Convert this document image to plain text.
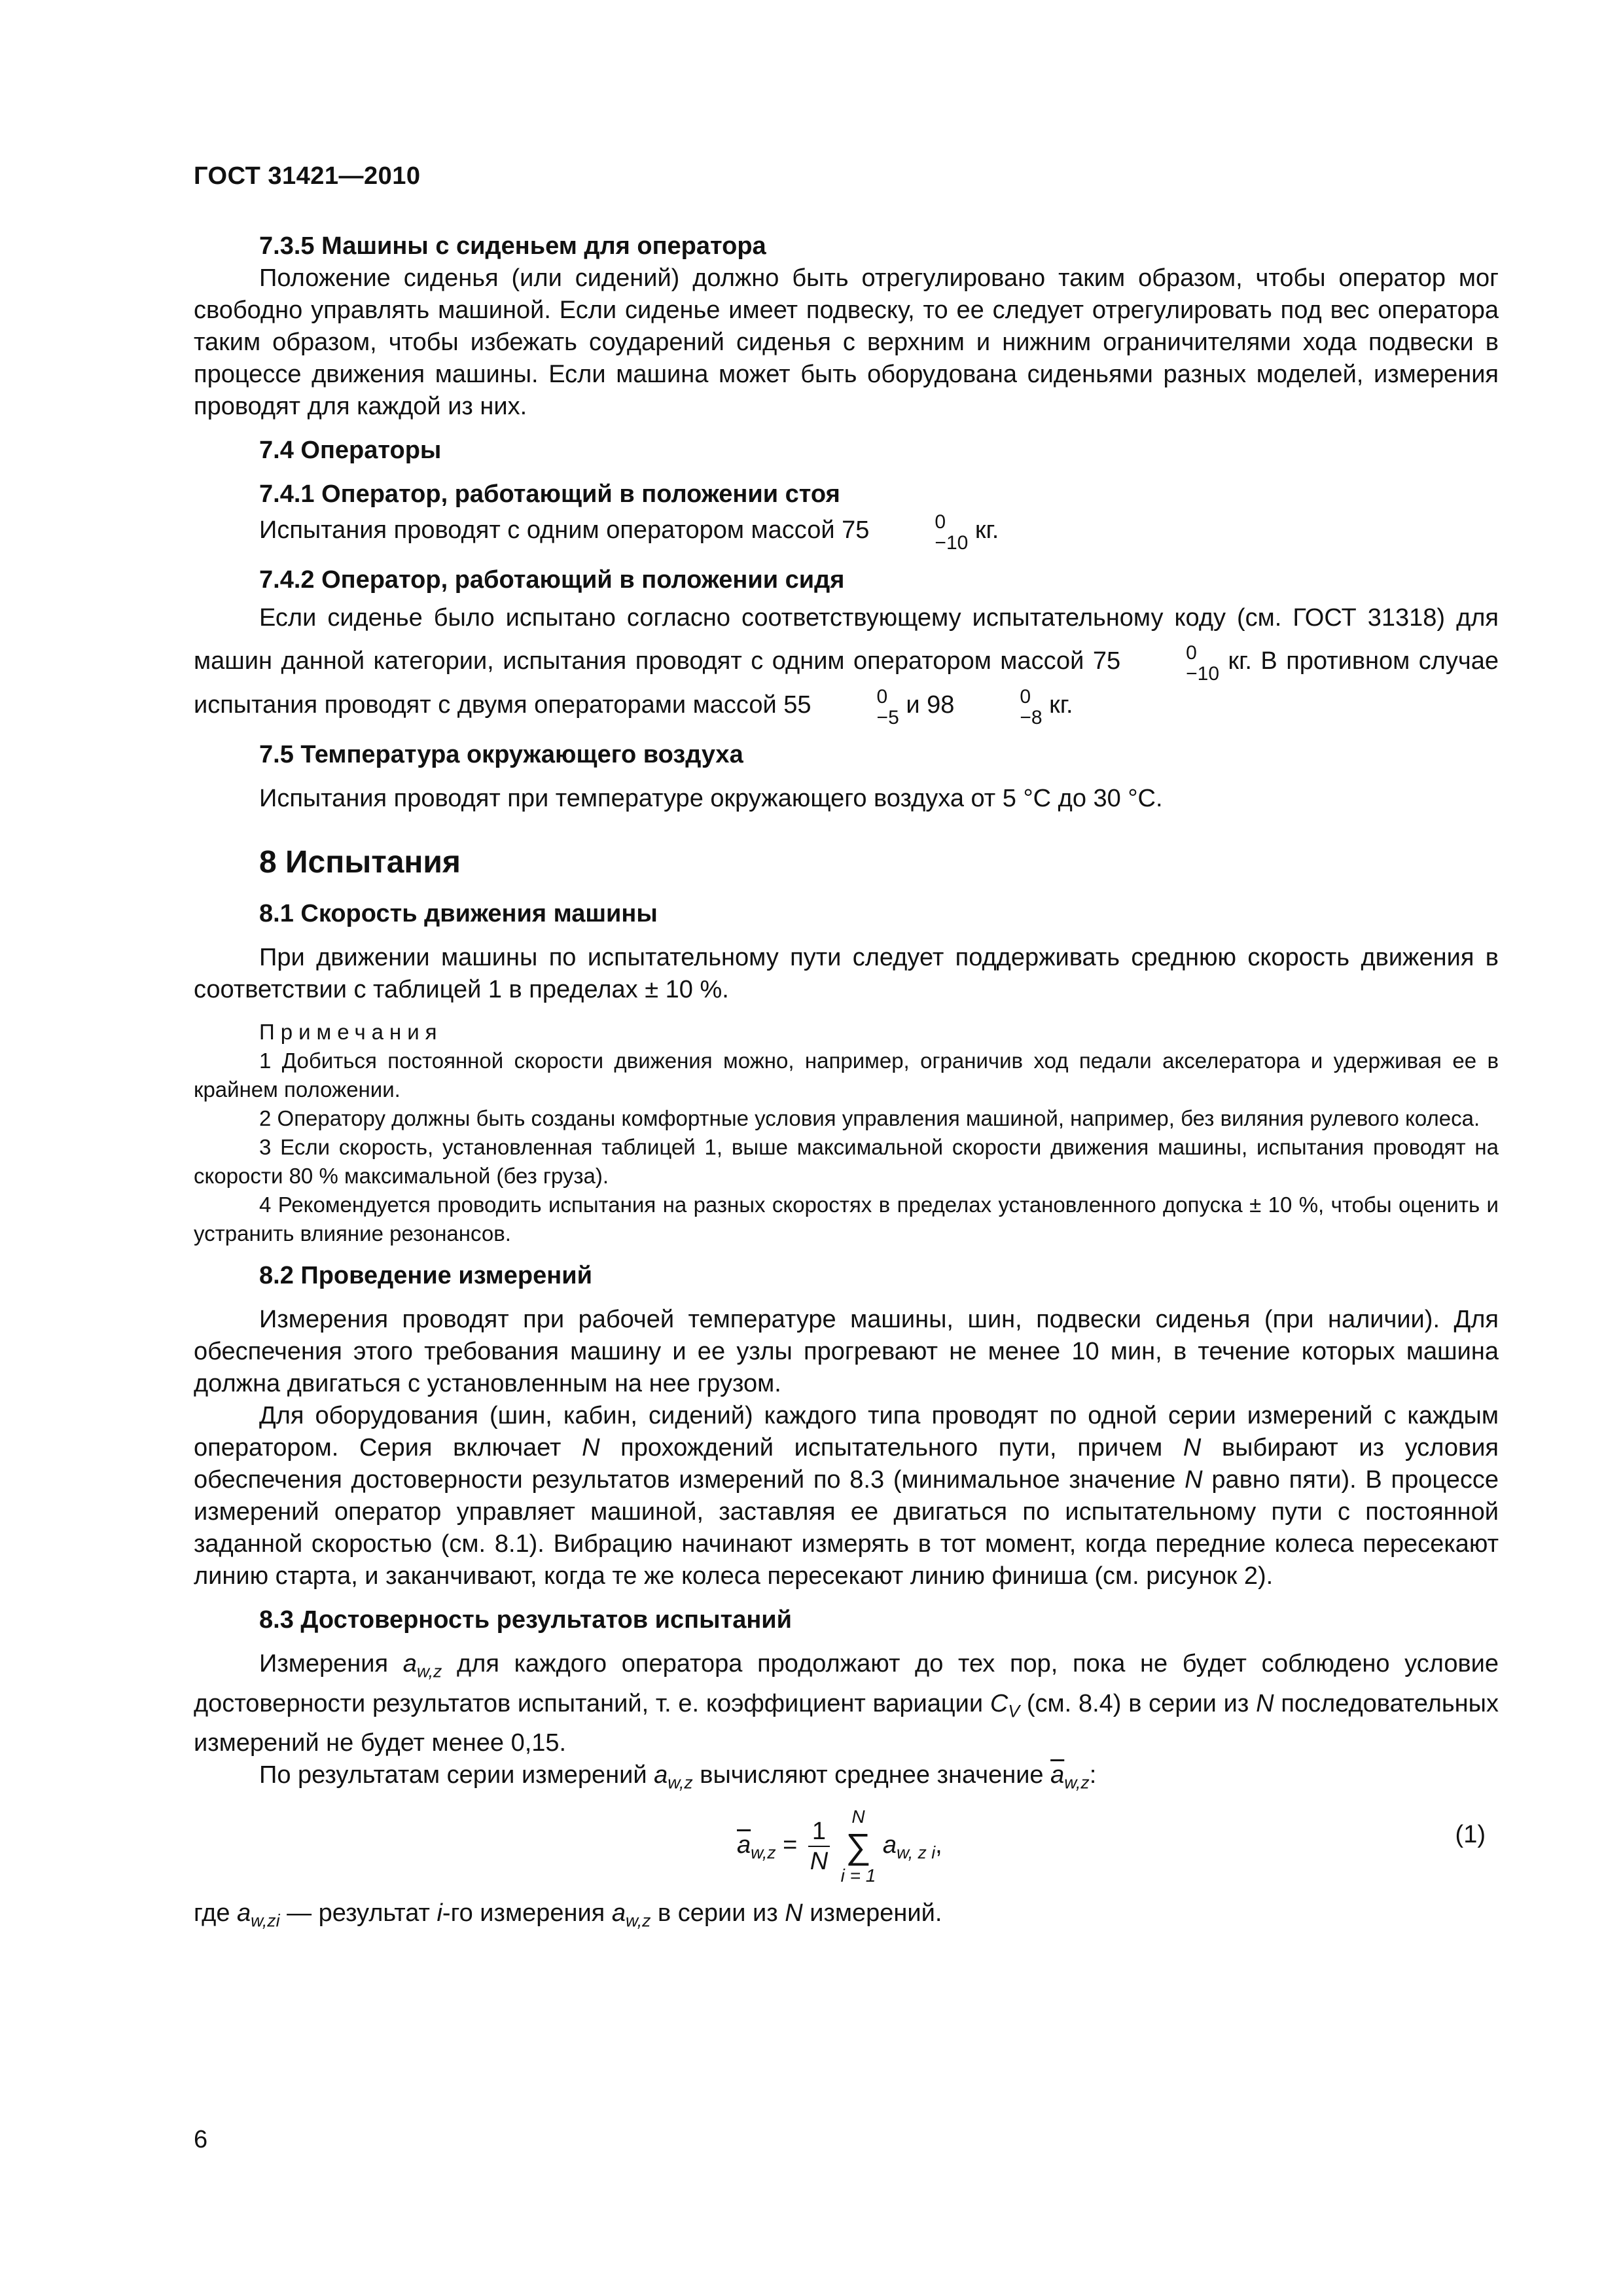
ГОСТ 31421—2010

7.3.5 Машины с сиденьем для оператора

Положение сиденья (или сидений) должно быть отрегулировано таким образом, чтобы оператор мог свободно управлять машиной. Если сиденье имеет подвеску, то ее следует отрегулировать под вес оператора таким образом, чтобы избежать соударений сиденья с верхним и нижним ограничителями хода подвески в процессе движения машины. Если машина может быть оборудована сиденьями разных моделей, измерения проводят для каждой из них.

7.4 Операторы

7.4.1 Оператор, работающий в положении стоя

Испытания проводят с одним оператором массой 75	0
−10 кг.

7.4.2 Оператор, работающий в положении сидя

Если сиденье было испытано согласно соответствующему испытательному коду (см. ГОСТ 31318) для машин данной категории, испытания проводят с одним оператором массой 75	0
−10 кг. В противном случае испытания проводят с двумя операторами массой 55	0
−5 и 98	0
−8 кг.

7.5 Температура окружающего воздуха

Испытания проводят при температуре окружающего воздуха от 5 °С до 30 °С.

8 Испытания

8.1 Скорость движения машины

При движении машины по испытательному пути следует поддерживать среднюю скорость движения в соответствии с таблицей 1 в пределах ± 10 %.

Примечания

1 Добиться постоянной скорости движения можно, например, ограничив ход педали акселератора и удерживая ее в крайнем положении.

2 Оператору должны быть созданы комфортные условия управления машиной, например, без виляния рулевого колеса.

3 Если скорость, установленная таблицей 1, выше максимальной скорости движения машины, испытания проводят на скорости 80 % максимальной (без груза).

4 Рекомендуется проводить испытания на разных скоростях в пределах установленного допуска ± 10 %, чтобы оценить и устранить влияние резонансов.

8.2 Проведение измерений

Измерения проводят при рабочей температуре машины, шин, подвески сиденья (при наличии). Для обеспечения этого требования машину и ее узлы прогревают не менее 10 мин, в течение которых машина должна двигаться с установленным на нее грузом.

Для оборудования (шин, кабин, сидений) каждого типа проводят по одной серии измерений с каждым оператором. Серия включает N прохождений испытательного пути, причем N выбирают из условия обеспечения достоверности результатов измерений по 8.3 (минимальное значение N равно пяти). В процессе измерений оператор управляет машиной, заставляя ее двигаться по испытательному пути с постоянной заданной скоростью (см. 8.1). Вибрацию начинают измерять в тот момент, когда передние колеса пересекают линию старта, и заканчивают, когда те же колеса пересекают линию финиша (см. рисунок 2).

8.3 Достоверность результатов испытаний

Измерения $a_{w,z}$ для каждого оператора продолжают до тех пор, пока не будет соблюдено условие достоверности результатов испытаний, т. е. коэффициент вариации $C_V$ (см. 8.4) в серии из N последовательных измерений не будет менее 0,15.

По результатам серии измерений $a_{w,z}$ вычисляют среднее значение $\overline{a}_{w,z}$:

$\overline{a}_{w,z} = \frac{1}{N}$

N
∑
i = 1
$a_{w, z i}$,	(1)

где $a_{w,zi}$ — результат i-го измерения $a_{w,z}$ в серии из N измерений.

6
